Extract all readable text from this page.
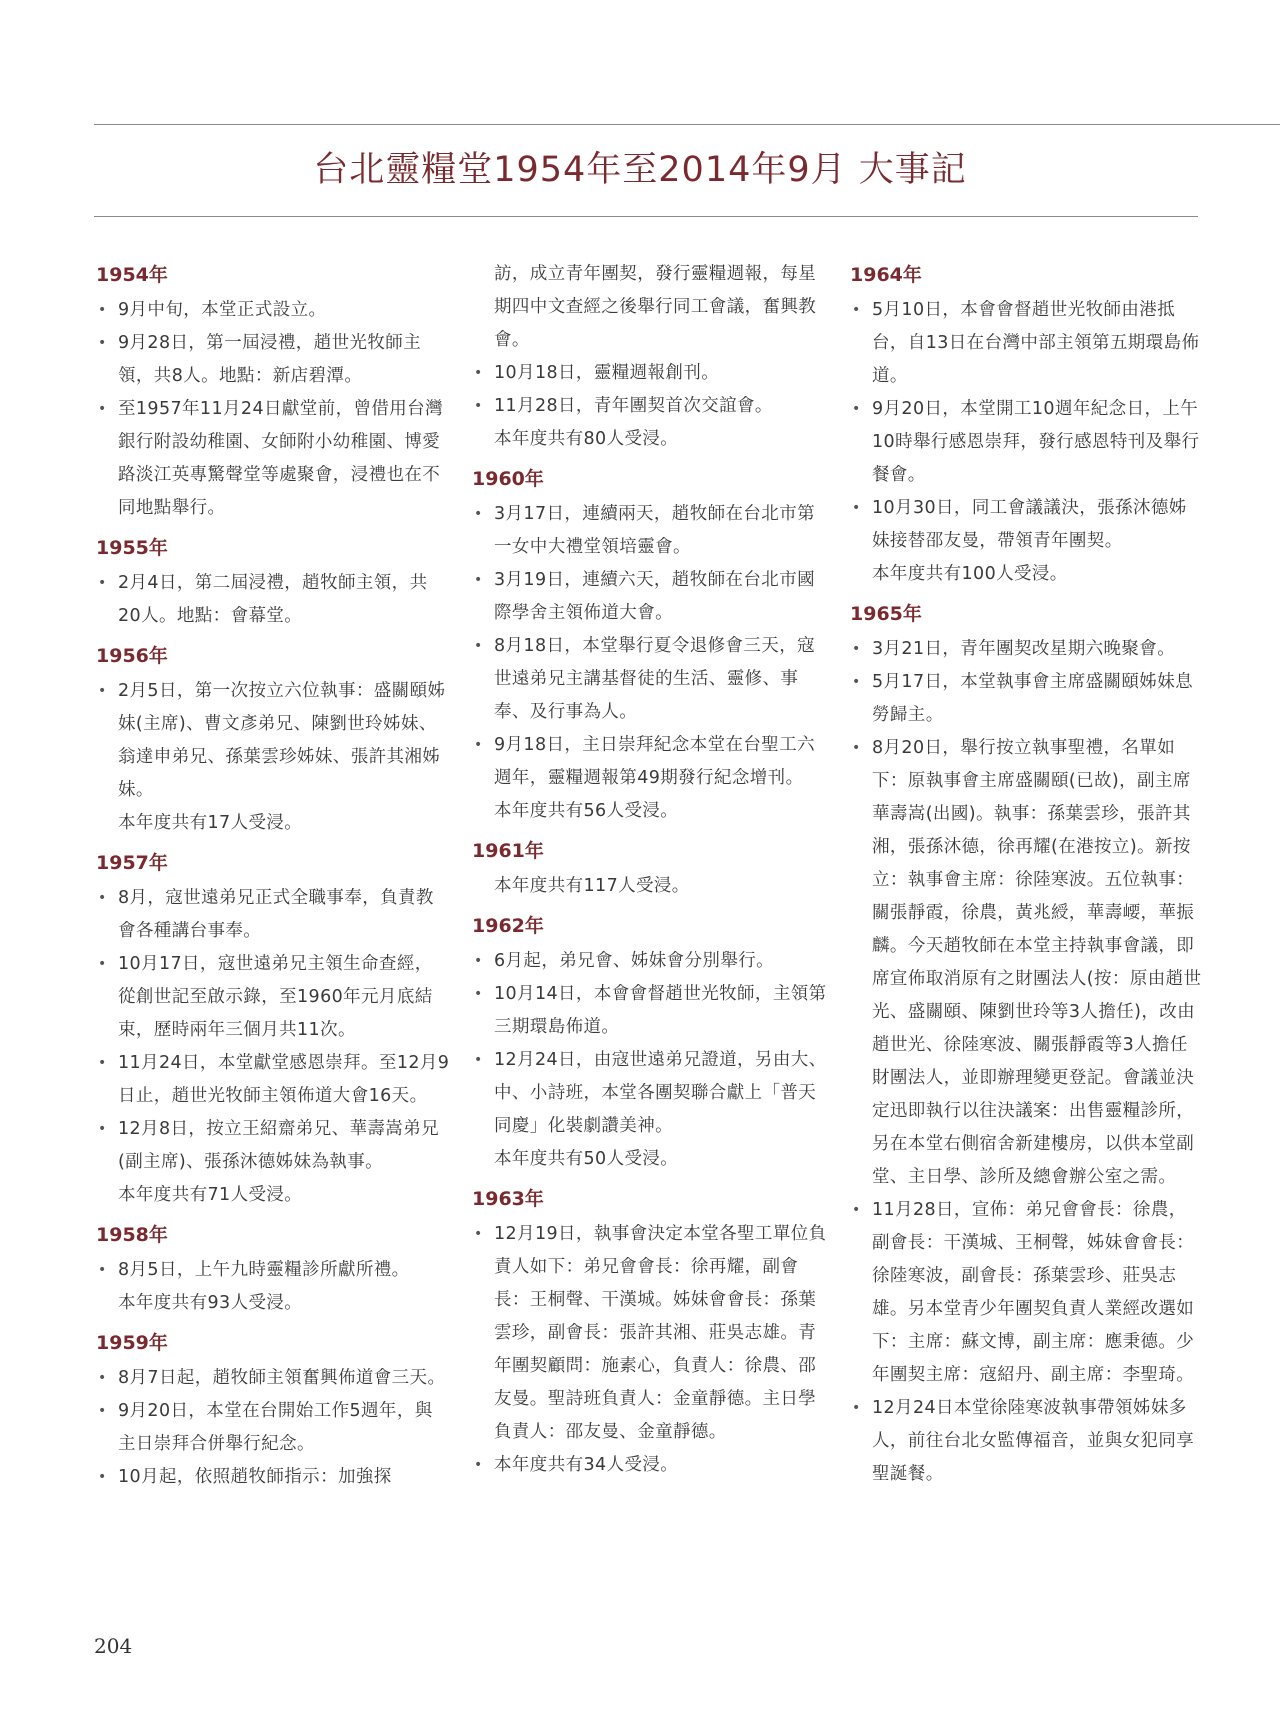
台北靈糧堂1954年至2014年9月 大事記
1954年
• 9月中旬，本堂正式設立。
• 9月28日，第一屆浸禮，趙世光牧師主領，共8人。地點：新店碧潭。
• 至1957年11月24日獻堂前，曾借用台灣銀行附設幼稚園、女師附小幼稚園、博愛路淡江英專驚聲堂等處聚會，浸禮也在不同地點舉行。
1955年
• 2月4日，第二屆浸禮，趙牧師主領，共20人。地點：會幕堂。
1956年
• 2月5日，第一次按立六位執事：盛關頤姊妹(主席)、曹文彥弟兄、陳劉世玲姊妹、翁達申弟兄、孫葉雲珍姊妹、張許其湘姊妹。
本年度共有17人受浸。
1957年
• 8月，寇世遠弟兄正式全職事奉，負責教會各種講台事奉。
• 10月17日，寇世遠弟兄主領生命查經，從創世記至啟示錄，至1960年元月底結束，歷時兩年三個月共11次。
• 11月24日，本堂獻堂感恩崇拜。至12月9日止，趙世光牧師主領佈道大會16天。
• 12月8日，按立王紹齋弟兄、華壽嵩弟兄(副主席)、張孫沐德姊妹為執事。
本年度共有71人受浸。
1958年
• 8月5日，上午九時靈糧診所獻所禮。
本年度共有93人受浸。
1959年
• 8月7日起，趙牧師主領奮興佈道會三天。
• 9月20日，本堂在台開始工作5週年，與主日崇拜合併舉行紀念。
• 10月起，依照趙牧師指示：加強探
訪，成立青年團契，發行靈糧週報，每星期四中文查經之後舉行同工會議，奮興教會。
• 10月18日，靈糧週報創刊。
• 11月28日，青年團契首次交誼會。
本年度共有80人受浸。
1960年
• 3月17日，連續兩天，趙牧師在台北市第一女中大禮堂領培靈會。
• 3月19日，連續六天，趙牧師在台北市國際學舍主領佈道大會。
• 8月18日，本堂舉行夏令退修會三天，寇世遠弟兄主講基督徒的生活、靈修、事奉、及行事為人。
• 9月18日，主日崇拜紀念本堂在台聖工六週年，靈糧週報第49期發行紀念增刊。
本年度共有56人受浸。
1961年
本年度共有117人受浸。
1962年
• 6月起，弟兄會、姊妹會分別舉行。
• 10月14日，本會會督趙世光牧師，主領第三期環島佈道。
• 12月24日，由寇世遠弟兄證道，另由大、中、小詩班，本堂各團契聯合獻上「普天同慶」化裝劇讚美神。
本年度共有50人受浸。
1963年
• 12月19日，執事會決定本堂各聖工單位負責人如下：弟兄會會長：徐再耀，副會長：王桐聲、干漢城。姊妹會會長：孫葉雲珍，副會長：張許其湘、莊吳志雄。青年團契顧問：施素心，負責人：徐農、邵友曼。聖詩班負責人：金童靜德。主日學負責人：邵友曼、金童靜德。
• 本年度共有34人受浸。
1964年
• 5月10日，本會會督趙世光牧師由港抵台，自13日在台灣中部主領第五期環島佈道。
• 9月20日，本堂開工10週年紀念日，上午10時舉行感恩崇拜，發行感恩特刊及舉行餐會。
• 10月30日，同工會議議決，張孫沐德姊妹接替邵友曼，帶領青年團契。
本年度共有100人受浸。
1965年
• 3月21日，青年團契改星期六晚聚會。
• 5月17日，本堂執事會主席盛關頤姊妹息勞歸主。
• 8月20日，舉行按立執事聖禮，名單如下：原執事會主席盛關頤(已故)，副主席華壽嵩(出國)。執事：孫葉雲珍，張許其湘，張孫沐德，徐再耀(在港按立)。新按立：執事會主席：徐陸寒波。五位執事：關張靜霞，徐農，黃兆綬，華壽崾，華振麟。今天趙牧師在本堂主持執事會議，即席宣佈取消原有之財團法人(按：原由趙世光、盛關頤、陳劉世玲等3人擔任)，改由趙世光、徐陸寒波、關張靜霞等3人擔任財團法人，並即辦理變更登記。會議並決定迅即執行以往決議案：出售靈糧診所，另在本堂右側宿舍新建樓房，以供本堂副堂、主日學、診所及總會辦公室之需。
• 11月28日，宣佈：弟兄會會長：徐農，副會長：干漢城、王桐聲，姊妹會會長：徐陸寒波，副會長：孫葉雲珍、莊吳志雄。另本堂青少年團契負責人業經改選如下：主席：蘇文博，副主席：應秉德。少年團契主席：寇紹丹、副主席：李聖琦。
• 12月24日本堂徐陸寒波執事帶領姊妹多人，前往台北女監傳福音，並與女犯同享聖誕餐。
204
